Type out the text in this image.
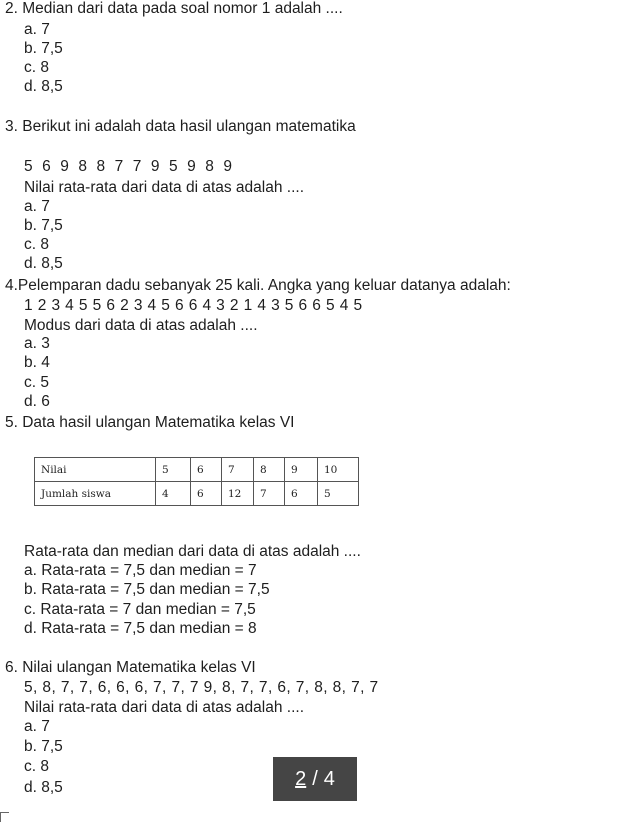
2. Median dari data pada soal nomor 1 adalah ....
a. 7
b. 7,5
c. 8
d. 8,5
3. Berikut ini adalah data hasil ulangan matematika
5 6 9 8 8 7 7 9 5 9 8 9
Nilai rata-rata dari data di atas adalah ....
a. 7
b. 7,5
c. 8
d. 8,5
4.Pelemparan dadu sebanyak 25 kali. Angka yang keluar datanya adalah:
1 2 3 4 5 5 6 2 3 4 5 6 6 4 3 2 1 4 3 5 6 6 5 4 5
Modus dari data di atas adalah ....
a. 3
b. 4
c. 5
d. 6
5. Data hasil ulangan Matematika kelas VI
Nilai	5	6	7	8	9	10
Jumlah siswa	4	6	12	7	6	5
Rata-rata dan median dari data di atas adalah ....
a. Rata-rata = 7,5 dan median = 7
b. Rata-rata = 7,5 dan median = 7,5
c. Rata-rata = 7 dan median = 7,5
d. Rata-rata = 7,5 dan median = 8
6. Nilai ulangan Matematika kelas VI
5, 8, 7, 7, 6, 6, 6, 7, 7, 7 9, 8, 7, 7, 6, 7, 8, 8, 7, 7
Nilai rata-rata dari data di atas adalah ....
a. 7
b. 7,5
c. 8
d. 8,5	2 / 4
